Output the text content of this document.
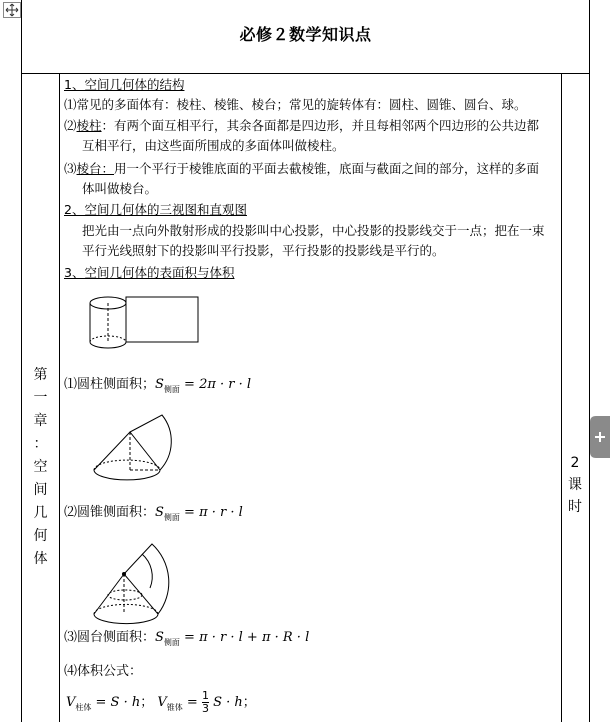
必修２数学知识点
第
一
章
：
空
间
几
何
体
2
课
时
1、空间几何体的结构
⑴常见的多面体有：棱柱、棱锥、棱台；常见的旋转体有：圆柱、圆锥、圆台、球。
⑵棱柱：有两个面互相平行，其余各面都是四边形，并且每相邻两个四边形的公共边都
互相平行，由这些面所围成的多面体叫做棱柱。
⑶棱台：用一个平行于棱锥底面的平面去截棱锥，底面与截面之间的部分，这样的多面
体叫做棱台。
2、空间几何体的三视图和直观图
把光由一点向外散射形成的投影叫中心投影，中心投影的投影线交于一点；把在一束
平行光线照射下的投影叫平行投影，平行投影的投影线是平行的。
3、空间几何体的表面积与体积
⑴圆柱侧面积；$S_{侧面} = 2\pi \cdot r \cdot l$
⑵圆锥侧面积：$S_{侧面} = \pi \cdot r \cdot l$
⑶圆台侧面积：$S_{侧面} = \pi \cdot r \cdot l + \pi \cdot R \cdot l$
⑷体积公式：
$V_{柱体} = S \cdot h$； $V_{锥体} = \frac{1}{3}$ S · h；
